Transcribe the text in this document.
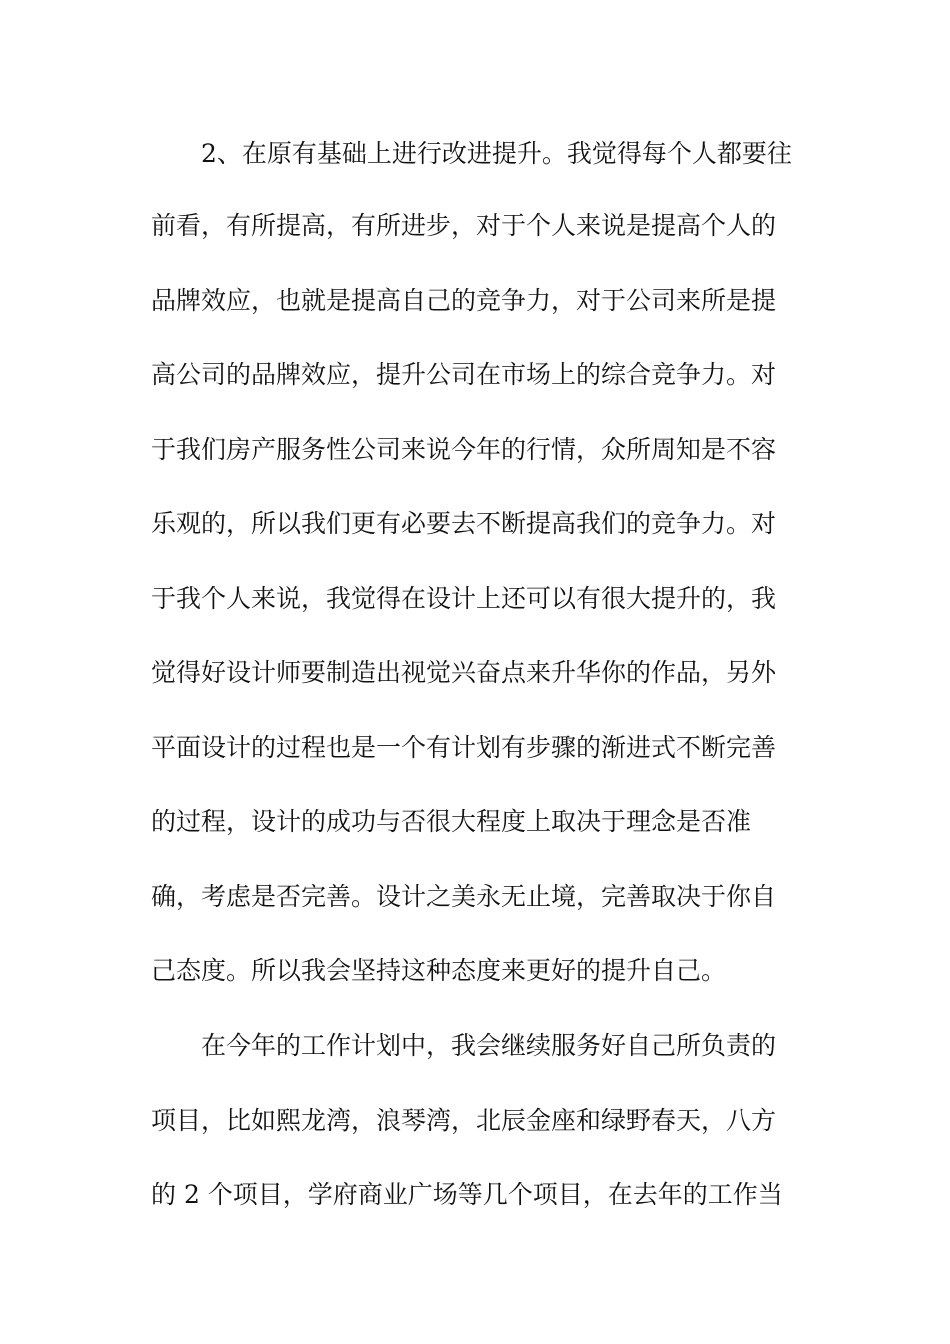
2、在原有基础上进行改进提升。我觉得每个人都要往
前看，有所提高，有所进步，对于个人来说是提高个人的
品牌效应，也就是提高自己的竞争力，对于公司来所是提
高公司的品牌效应，提升公司在市场上的综合竞争力。对
于我们房产服务性公司来说今年的行情，众所周知是不容
乐观的，所以我们更有必要去不断提高我们的竞争力。对
于我个人来说，我觉得在设计上还可以有很大提升的，我
觉得好设计师要制造出视觉兴奋点来升华你的作品，另外
平面设计的过程也是一个有计划有步骤的渐进式不断完善
的过程，设计的成功与否很大程度上取决于理念是否准
确，考虑是否完善。设计之美永无止境，完善取决于你自
己态度。所以我会坚持这种态度来更好的提升自己。
在今年的工作计划中，我会继续服务好自己所负责的
项目，比如熙龙湾，浪琴湾，北辰金座和绿野春天，八方
的 2 个项目，学府商业广场等几个项目，在去年的工作当
